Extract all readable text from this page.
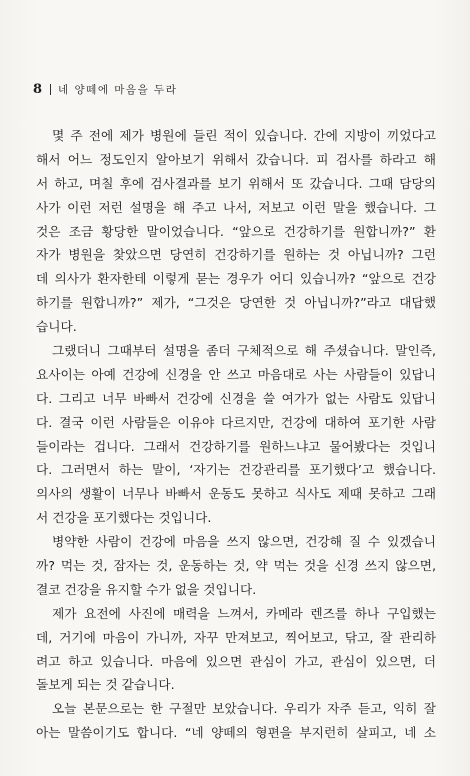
8 네 양떼에 마음을 두라
몇 주 전에 제가 병원에 들린 적이 있습니다. 간에 지방이 끼었다고
해서 어느 정도인지 알아보기 위해서 갔습니다. 피 검사를 하라고 해
서 하고, 며칠 후에 검사결과를 보기 위해서 또 갔습니다. 그때 담당의
사가 이런 저런 설명을 해 주고 나서, 저보고 이런 말을 했습니다. 그
것은 조금 황당한 말이었습니다. “앞으로 건강하기를 원합니까?” 환
자가 병원을 찾았으면 당연히 건강하기를 원하는 것 아닙니까? 그런
데 의사가 환자한테 이렇게 묻는 경우가 어디 있습니까? “앞으로 건강
하기를 원합니까?” 제가, “그것은 당연한 것 아닙니까?”라고 대답했
습니다.
그랬더니 그때부터 설명을 좀더 구체적으로 해 주셨습니다. 말인즉,
요사이는 아예 건강에 신경을 안 쓰고 마음대로 사는 사람들이 있답니
다. 그리고 너무 바빠서 건강에 신경을 쓸 여가가 없는 사람도 있답니
다. 결국 이런 사람들은 이유야 다르지만, 건강에 대하여 포기한 사람
들이라는 겁니다. 그래서 건강하기를 원하느냐고 물어봤다는 것입니
다. 그러면서 하는 말이, ‘자기는 건강관리를 포기했다’고 했습니다.
의사의 생활이 너무나 바빠서 운동도 못하고 식사도 제때 못하고 그래
서 건강을 포기했다는 것입니다.
병약한 사람이 건강에 마음을 쓰지 않으면, 건강해 질 수 있겠습니
까? 먹는 것, 잠자는 것, 운동하는 것, 약 먹는 것을 신경 쓰지 않으면,
결코 건강을 유지할 수가 없을 것입니다.
제가 요전에 사진에 매력을 느껴서, 카메라 렌즈를 하나 구입했는
데, 거기에 마음이 가니까, 자꾸 만져보고, 찍어보고, 닦고, 잘 관리하
려고 하고 있습니다. 마음에 있으면 관심이 가고, 관심이 있으면, 더
돌보게 되는 것 같습니다.
오늘 본문으로는 한 구절만 보았습니다. 우리가 자주 듣고, 익히 잘
아는 말씀이기도 합니다. “네 양떼의 형편을 부지런히 살피고, 네 소
